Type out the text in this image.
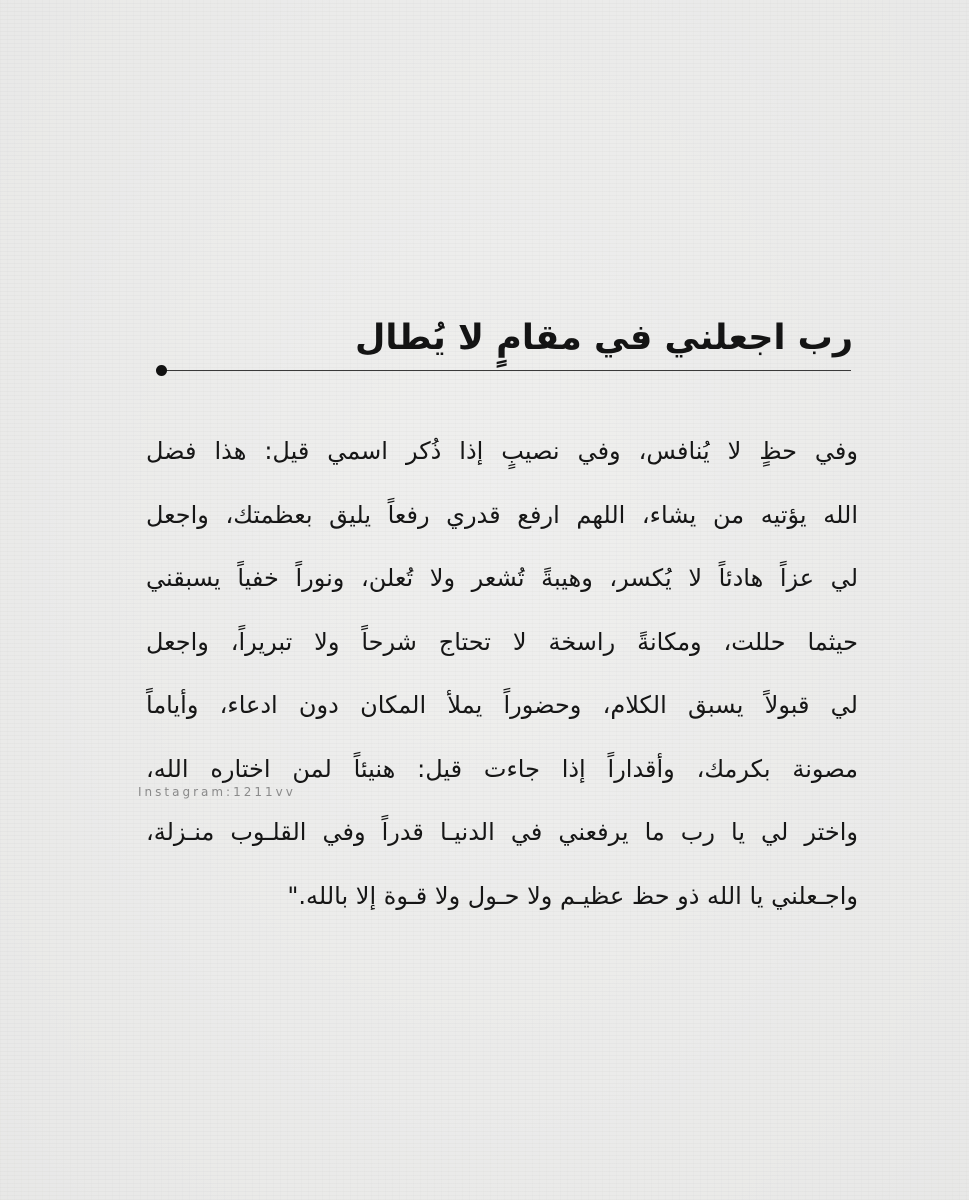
رب اجعلني في مقامٍ لا يُطال
وفي حظٍ لا يُنافس، وفي نصيبٍ إذا ذُكر اسمي قيل: هذا فضل
الله يؤتيه من يشاء، اللهم ارفع قدري رفعاً يليق بعظمتك، واجعل
لي عزاً هادئاً لا يُكسر، وهيبةً تُشعر ولا تُعلن، ونوراً خفياً يسبقني
حيثما حللت، ومكانةً راسخة لا تحتاج شرحاً ولا تبريراً، واجعل
لي قبولاً يسبق الكلام، وحضوراً يملأ المكان دون ادعاء، وأياماً
مصونة بكرمك، وأقداراً إذا جاءت قيل: هنيئاً لمن اختاره الله،
واختر لي يا رب ما يرفعني في الدنيـا قدراً وفي القلـوب منـزلة،
واجـعلني يا الله ذو حظ عظيـم ولا حـول ولا قـوة إلا بالله."
Instagram:1211vv
